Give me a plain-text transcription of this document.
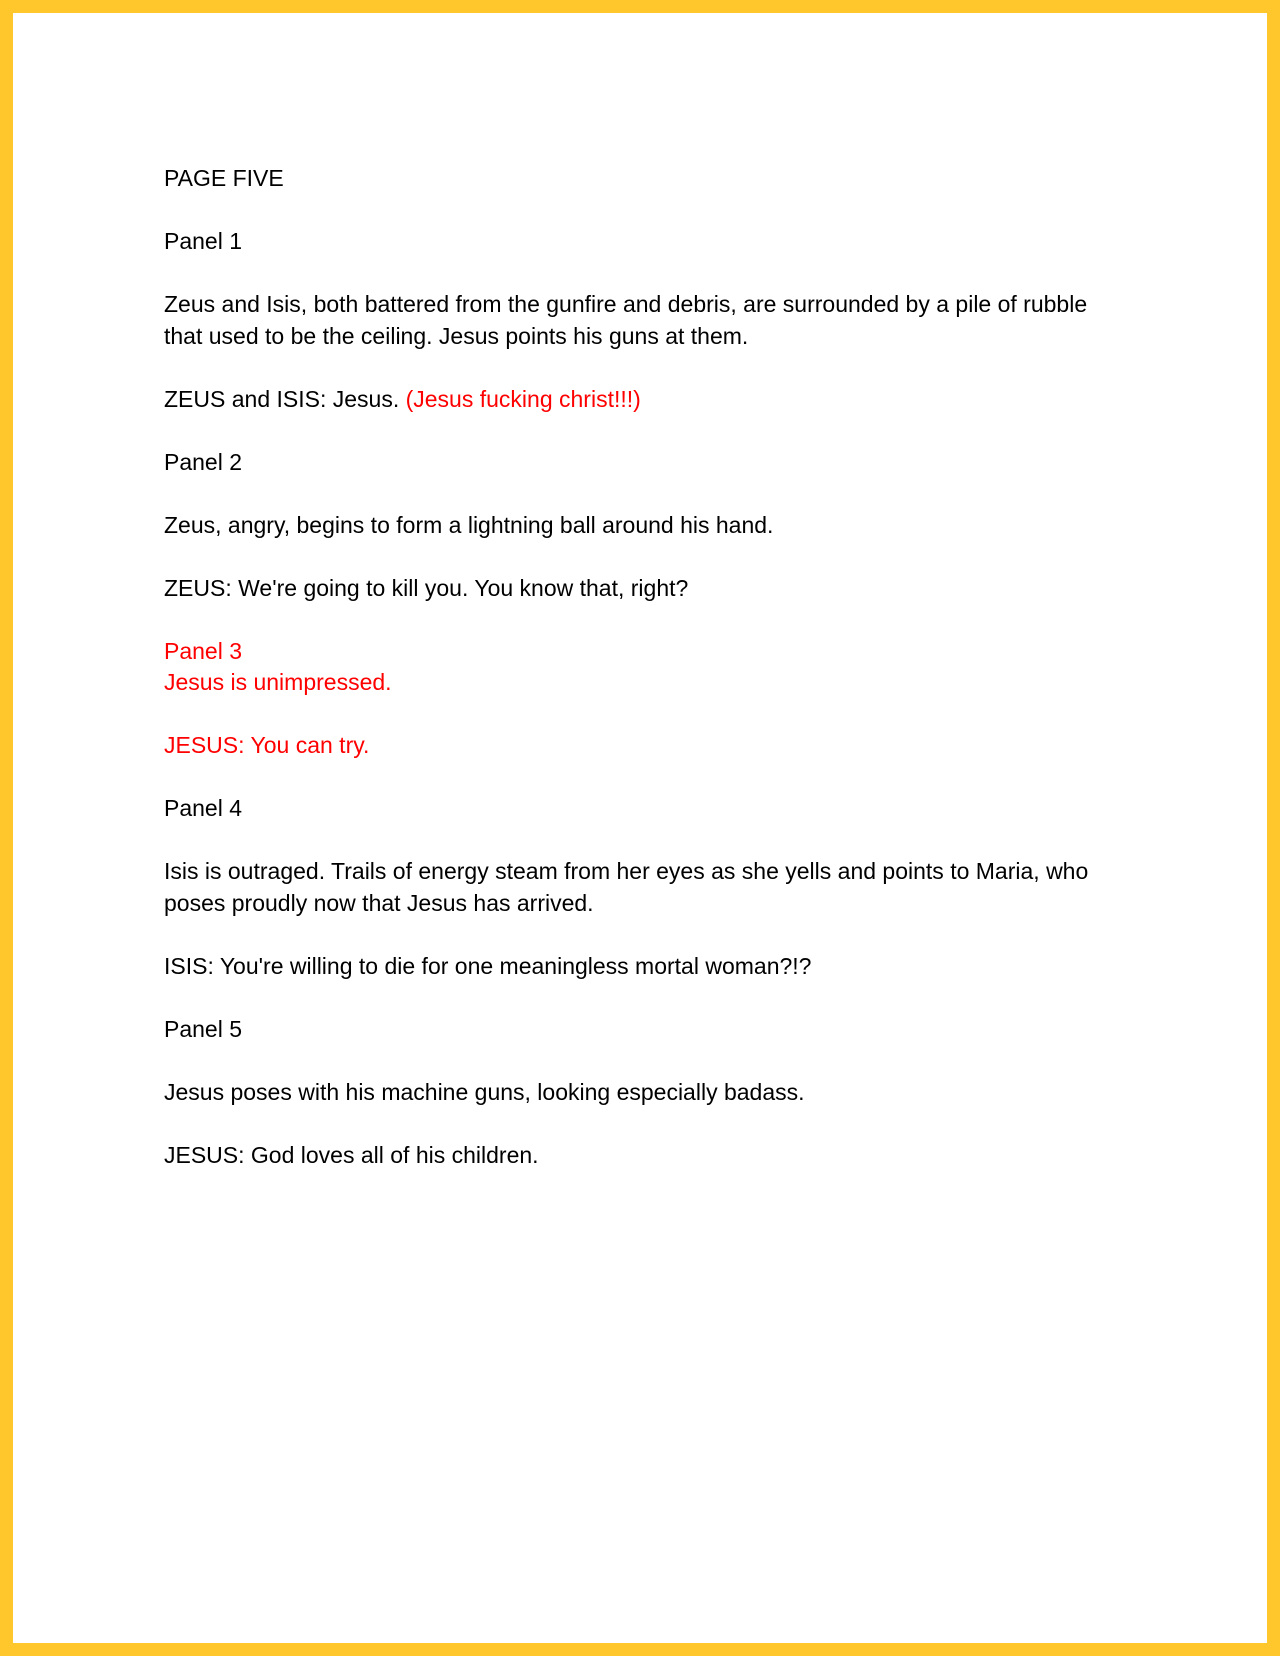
PAGE FIVE

Panel 1

Zeus and Isis, both battered from the gunfire and debris, are surrounded by a pile of rubble that used to be the ceiling. Jesus points his guns at them.

ZEUS and ISIS: Jesus. (Jesus fucking christ!!!)

Panel 2

Zeus, angry, begins to form a lightning ball around his hand.

ZEUS: We're going to kill you. You know that, right?

Panel 3

Jesus is unimpressed.

JESUS: You can try.

Panel 4

Isis is outraged. Trails of energy steam from her eyes as she yells and points to Maria, who poses proudly now that Jesus has arrived.

ISIS: You're willing to die for one meaningless mortal woman?!?

Panel 5

Jesus poses with his machine guns, looking especially badass.

JESUS: God loves all of his children.
